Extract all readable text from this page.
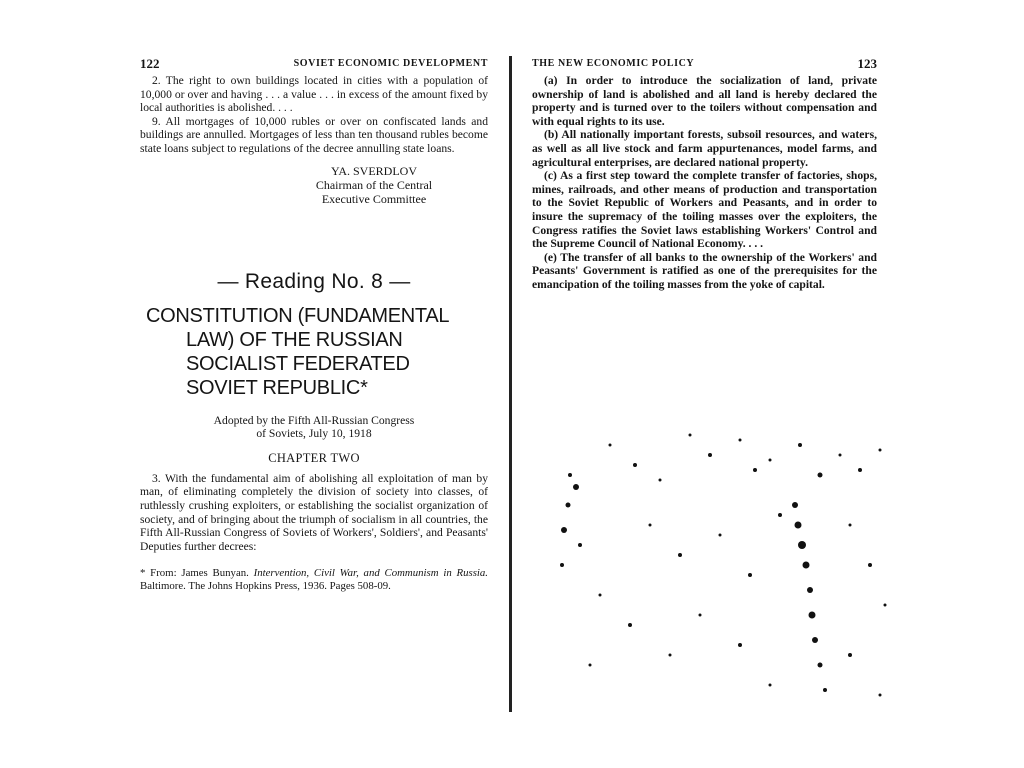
122	SOVIET ECONOMIC DEVELOPMENT

2. The right to own buildings located in cities with a population of 10,000 or over and having . . . a value . . . in excess of the amount fixed by local authorities is abolished. . . .

9. All mortgages of 10,000 rubles or over on confiscated lands and buildings are annulled. Mortgages of less than ten thousand rubles become state loans subject to regulations of the decree annulling state loans.

YA. SVERDLOV
Chairman of the Central
Executive Committee
— Reading No. 8 —
CONSTITUTION (FUNDAMENTAL
LAW) OF THE RUSSIAN
SOCIALIST FEDERATED
SOVIET REPUBLIC*
Adopted by the Fifth All-Russian Congress
of Soviets, July 10, 1918
CHAPTER TWO

3. With the fundamental aim of abolishing all exploitation of man by man, of eliminating completely the division of society into classes, of ruthlessly crushing exploiters, or establishing the socialist organization of society, and of bringing about the triumph of socialism in all countries, the Fifth All-Russian Congress of Soviets of Workers', Soldiers', and Peasants' Deputies further decrees:

* From: James Bunyan. Intervention, Civil War, and Communism in Russia. Baltimore. The Johns Hopkins Press, 1936. Pages 508-09.
THE NEW ECONOMIC POLICY	123

(a) In order to introduce the socialization of land, private ownership of land is abolished and all land is hereby declared the property and is turned over to the toilers without compensation and with equal rights to its use.

(b) All nationally important forests, subsoil resources, and waters, as well as all live stock and farm appurtenances, model farms, and agricultural enterprises, are declared national property.

(c) As a first step toward the complete transfer of factories, shops, mines, railroads, and other means of production and transportation to the Soviet Republic of Workers and Peasants, and in order to insure the supremacy of the toiling masses over the exploiters, the Congress ratifies the Soviet laws establishing Workers' Control and the Supreme Council of National Economy. . . .

(e) The transfer of all banks to the ownership of the Workers' and Peasants' Government is ratified as one of the prerequisites for the emancipation of the toiling masses from the yoke of capital.
